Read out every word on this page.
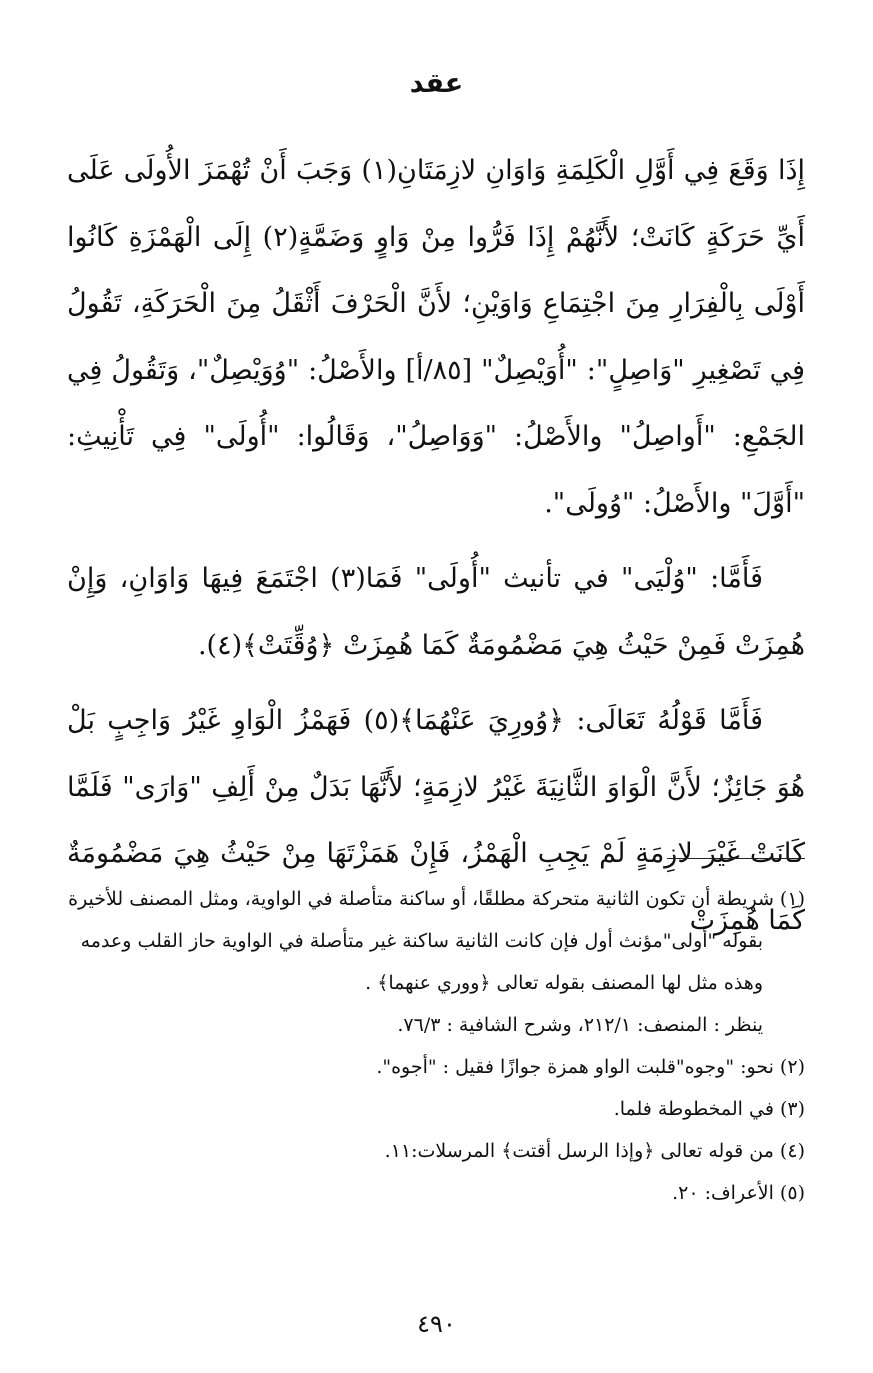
عقد

إِذَا وَقَعَ فِي أَوَّلِ الْكَلِمَةِ وَاوَانِ لازِمَتَانِ(١) وَجَبَ أَنْ تُهْمَزَ الأُولَى عَلَى أَيِّ حَرَكَةٍ كَانَتْ؛ لأَنَّهُمْ إِذَا فَرُّوا مِنْ وَاوٍ وَضَمَّةٍ(٢) إِلَى الْهَمْزَةِ كَانُوا أَوْلَى بِالْفِرَارِ مِنَ اجْتِمَاعِ وَاوَيْنِ؛ لأَنَّ الْحَرْفَ أَثْقَلُ مِنَ الْحَرَكَةِ، تَقُولُ فِي تَصْغِيرِ "وَاصِلٍ": "أُوَيْصِلٌ" [٨٥/أ] والأَصْلُ: "وُوَيْصِلٌ"، وَتَقُولُ فِي الجَمْعِ: "أَواصِلُ" والأَصْلُ: "وَوَاصِلُ"، وَقَالُوا: "أُولَى" فِي تَأْنِيثِ: "أَوَّلَ" والأَصْلُ: "وُولَى".

فَأَمَّا: "وُلْيَى" في تأنيث "أُولَى" فَمَا(٣) اجْتَمَعَ فِيهَا وَاوَانِ، وَإِنْ هُمِزَتْ فَمِنْ حَيْثُ هِيَ مَضْمُومَةٌ كَمَا هُمِزَتْ ﴿وُقِّتَتْ﴾(٤).

فَأَمَّا قَوْلُهُ تَعَالَى: ﴿وُورِيَ عَنْهُمَا﴾(٥) فَهَمْزُ الْوَاوِ غَيْرُ وَاجِبٍ بَلْ هُوَ جَائِزٌ؛ لأَنَّ الْوَاوَ الثَّانِيَةَ غَيْرُ لازِمَةٍ؛ لأَنَّهَا بَدَلٌ مِنْ أَلِفِ "وَارَى" فَلَمَّا كَانَتْ غَيْرَ لازِمَةٍ لَمْ يَجِبِ الْهَمْزُ، فَإِنْ هَمَزْتَهَا مِنْ حَيْثُ هِيَ مَضْمُومَةٌ كَمَا هُمِزَتْ

(١) شريطة أن تكون الثانية متحركة مطلقًا، أو ساكنة متأصلة في الواوية، ومثل المصنف للأخيرة

بقوله "أولى"مؤنث أول فإن كانت الثانية ساكنة غير متأصلة في الواوية حاز القلب وعدمه

وهذه مثل لها المصنف بقوله تعالى ﴿ووري عنهما﴾ .

ينظر : المنصف: ٢١٢/١، وشرح الشافية : ٧٦/٣.

(٢) نحو: "وجوه"قلبت الواو همزة جوازًا فقيل : "أجوه".

(٣) في المخطوطة فلما.

(٤) من قوله تعالى ﴿وإذا الرسل أقتت﴾ المرسلات:١١.

(٥) الأعراف: ٢٠.

٤٩٠
